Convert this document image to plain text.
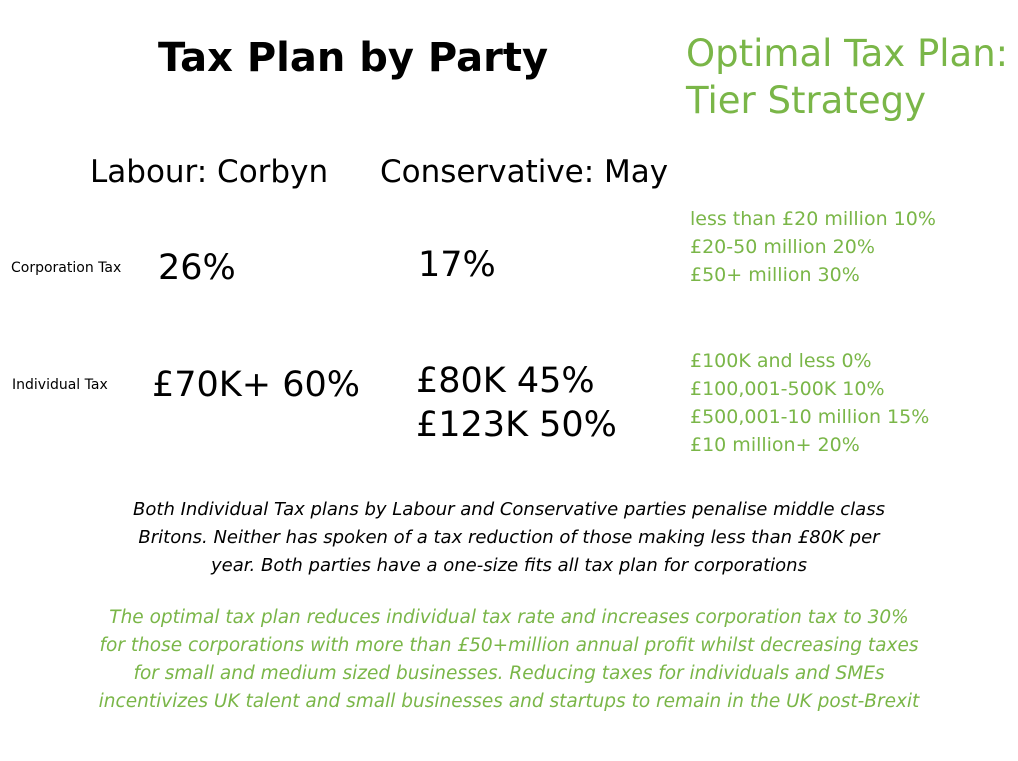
Tax Plan by Party	Optimal Tax Plan:
Tier Strategy
Labour: Corbyn Conservative: May
Corporation Tax 26%	17%
less than £20 million 10%
£20-50 million 20%
£50+ million 30%
Individual Tax £70K+ 60% £80K 45%
£123K 50%
£100K and less 0%
£100,001-500K 10%
£500,001-10 million 15%
£10 million+ 20%
Both Individual Tax plans by Labour and Conservative parties penalise middle class
Britons. Neither has spoken of a tax reduction of those making less than £80K per
year. Both parties have a one-size fits all tax plan for corporations
The optimal tax plan reduces individual tax rate and increases corporation tax to 30%
for those corporations with more than £50+million annual profit whilst decreasing taxes
for small and medium sized businesses. Reducing taxes for individuals and SMEs
incentivizes UK talent and small businesses and startups to remain in the UK post-Brexit
